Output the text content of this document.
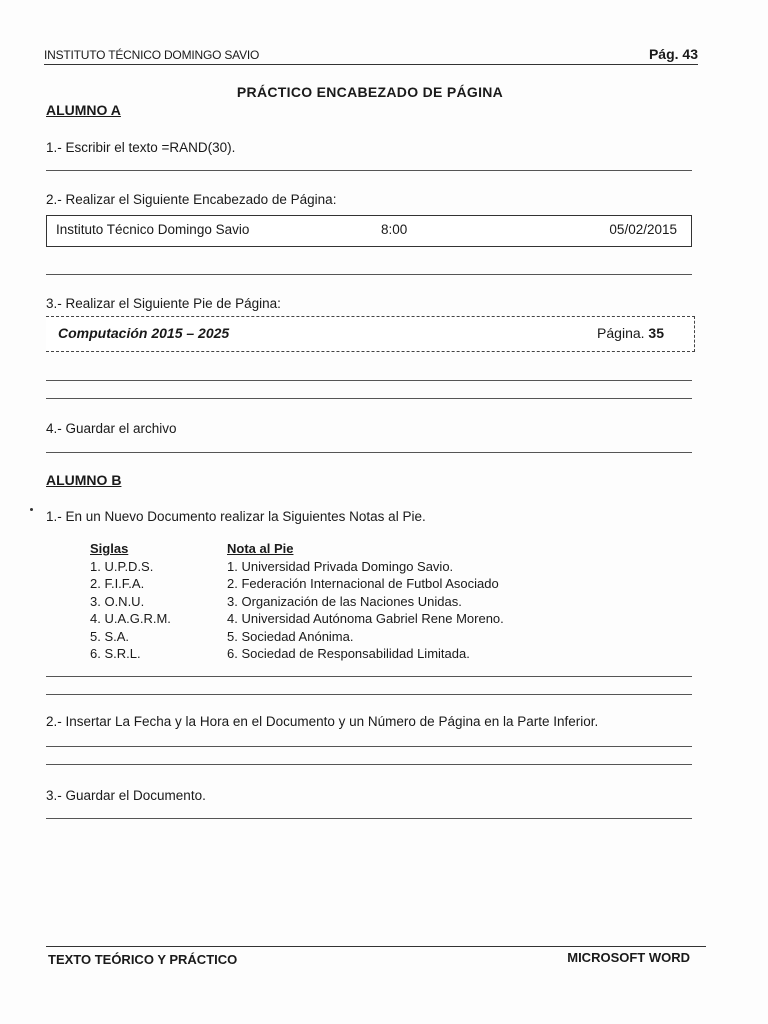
INSTITUTO TÉCNICO DOMINGO SAVIO	Pág. 43
PRÁCTICO ENCABEZADO DE PÁGINA
ALUMNO A
1.- Escribir el texto =RAND(30).
2.- Realizar el Siguiente Encabezado de Página:
Instituto Técnico Domingo Savio	8:00	05/02/2015
3.- Realizar el Siguiente Pie de Página:
Computación 2015 – 2025	Página. 35
4.- Guardar el archivo
ALUMNO B
1.- En un Nuevo Documento realizar la Siguientes Notas al Pie.
Siglas	Nota al Pie
1. U.P.D.S.	1. Universidad Privada Domingo Savio.
2. F.I.F.A.	2. Federación Internacional de Futbol Asociado
3. O.N.U.	3. Organización de las Naciones Unidas.
4. U.A.G.R.M.	4. Universidad Autónoma Gabriel Rene Moreno.
5. S.A.	5. Sociedad Anónima.
6. S.R.L.	6. Sociedad de Responsabilidad Limitada.
2.- Insertar La Fecha y la Hora en el Documento y un Número de Página en la Parte Inferior.
3.- Guardar el Documento.
TEXTO TEÓRICO Y PRÁCTICO	MICROSOFT WORD
